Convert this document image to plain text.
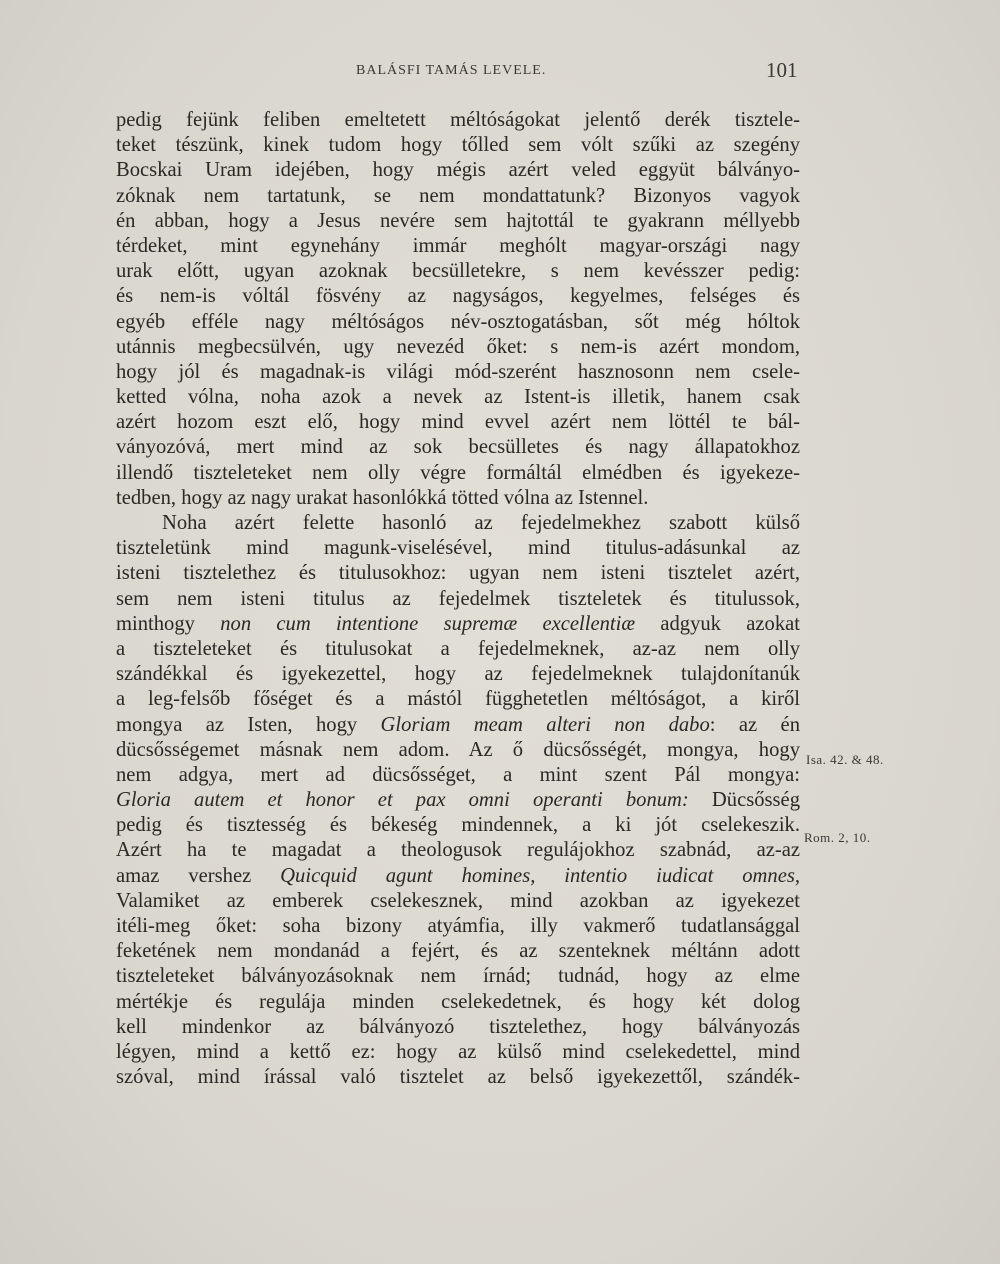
BALÁSFI TAMÁS LEVELE.	101
pedig fejünk feliben emeltetett méltóságokat jelentő derék tisztele-
teket tészünk, kinek tudom hogy tőlled sem vólt szűki az szegény
Bocskai Uram idejében, hogy mégis azért veled eggyüt bálványo-
zóknak nem tartatunk, se nem mondattatunk? Bizonyos vagyok
én abban, hogy a Jesus nevére sem hajtottál te gyakrann méllyebb
térdeket, mint egynehány immár meghólt magyar-országi nagy
urak előtt, ugyan azoknak becsülletekre, s nem kevésszer pedig:
és nem-is vóltál fösvény az nagyságos, kegyelmes, felséges és
egyéb efféle nagy méltóságos név-osztogatásban, sőt még hóltok
utánnis megbecsülvén, ugy nevezéd őket: s nem-is azért mondom,
hogy jól és magadnak-is világi mód-szerént hasznosonn nem csele-
ketted vólna, noha azok a nevek az Istent-is illetik, hanem csak
azért hozom eszt elő, hogy mind evvel azért nem löttél te bál-
ványozóvá, mert mind az sok becsülletes és nagy állapatokhoz
illendő tiszteleteket nem olly végre formáltál elmédben és igyekeze-
tedben, hogy az nagy urakat hasonlókká tötted vólna az Istennel.
Noha azért felette hasonló az fejedelmekhez szabott külső
tiszteletünk mind magunk-viselésével, mind titulus-adásunkal az
isteni tisztelethez és titulusokhoz: ugyan nem isteni tisztelet azért,
sem nem isteni titulus az fejedelmek tiszteletek és titulussok,
minthogy non cum intentione supremæ excellentiæ adgyuk azokat
a tiszteleteket és titulusokat a fejedelmeknek, az-az nem olly
szándékkal és igyekezettel, hogy az fejedelmeknek tulajdonítanúk
a leg-felsőb főséget és a mástól függhetetlen méltóságot, a kiről
mongya az Isten, hogy Gloriam meam alteri non dabo: az én
dücsősségemet másnak nem adom. Az ő dücsősségét, mongya, hogy
nem adgya, mert ad dücsősséget, a mint szent Pál mongya:
Gloria autem et honor et pax omni operanti bonum: Dücsősség
pedig és tisztesség és békeség mindennek, a ki jót cselekeszik.
Azért ha te magadat a theologusok regulájokhoz szabnád, az-az
amaz vershez Quicquid agunt homines, intentio iudicat omnes,
Valamiket az emberek cselekesznek, mind azokban az igyekezet
itéli-meg őket: soha bizony atyámfia, illy vakmerő tudatlansággal
feketének nem mondanád a fejért, és az szenteknek méltánn adott
tiszteleteket bálványozásoknak nem írnád; tudnád, hogy az elme
mértékje és regulája minden cselekedetnek, és hogy két dolog
kell mindenkor az bálványozó tisztelethez, hogy bálványozás
légyen, mind a kettő ez: hogy az külső mind cselekedettel, mind
szóval, mind írással való tisztelet az belső igyekezettől, szándék-
Isa. 42. & 48.
Rom. 2, 10.
